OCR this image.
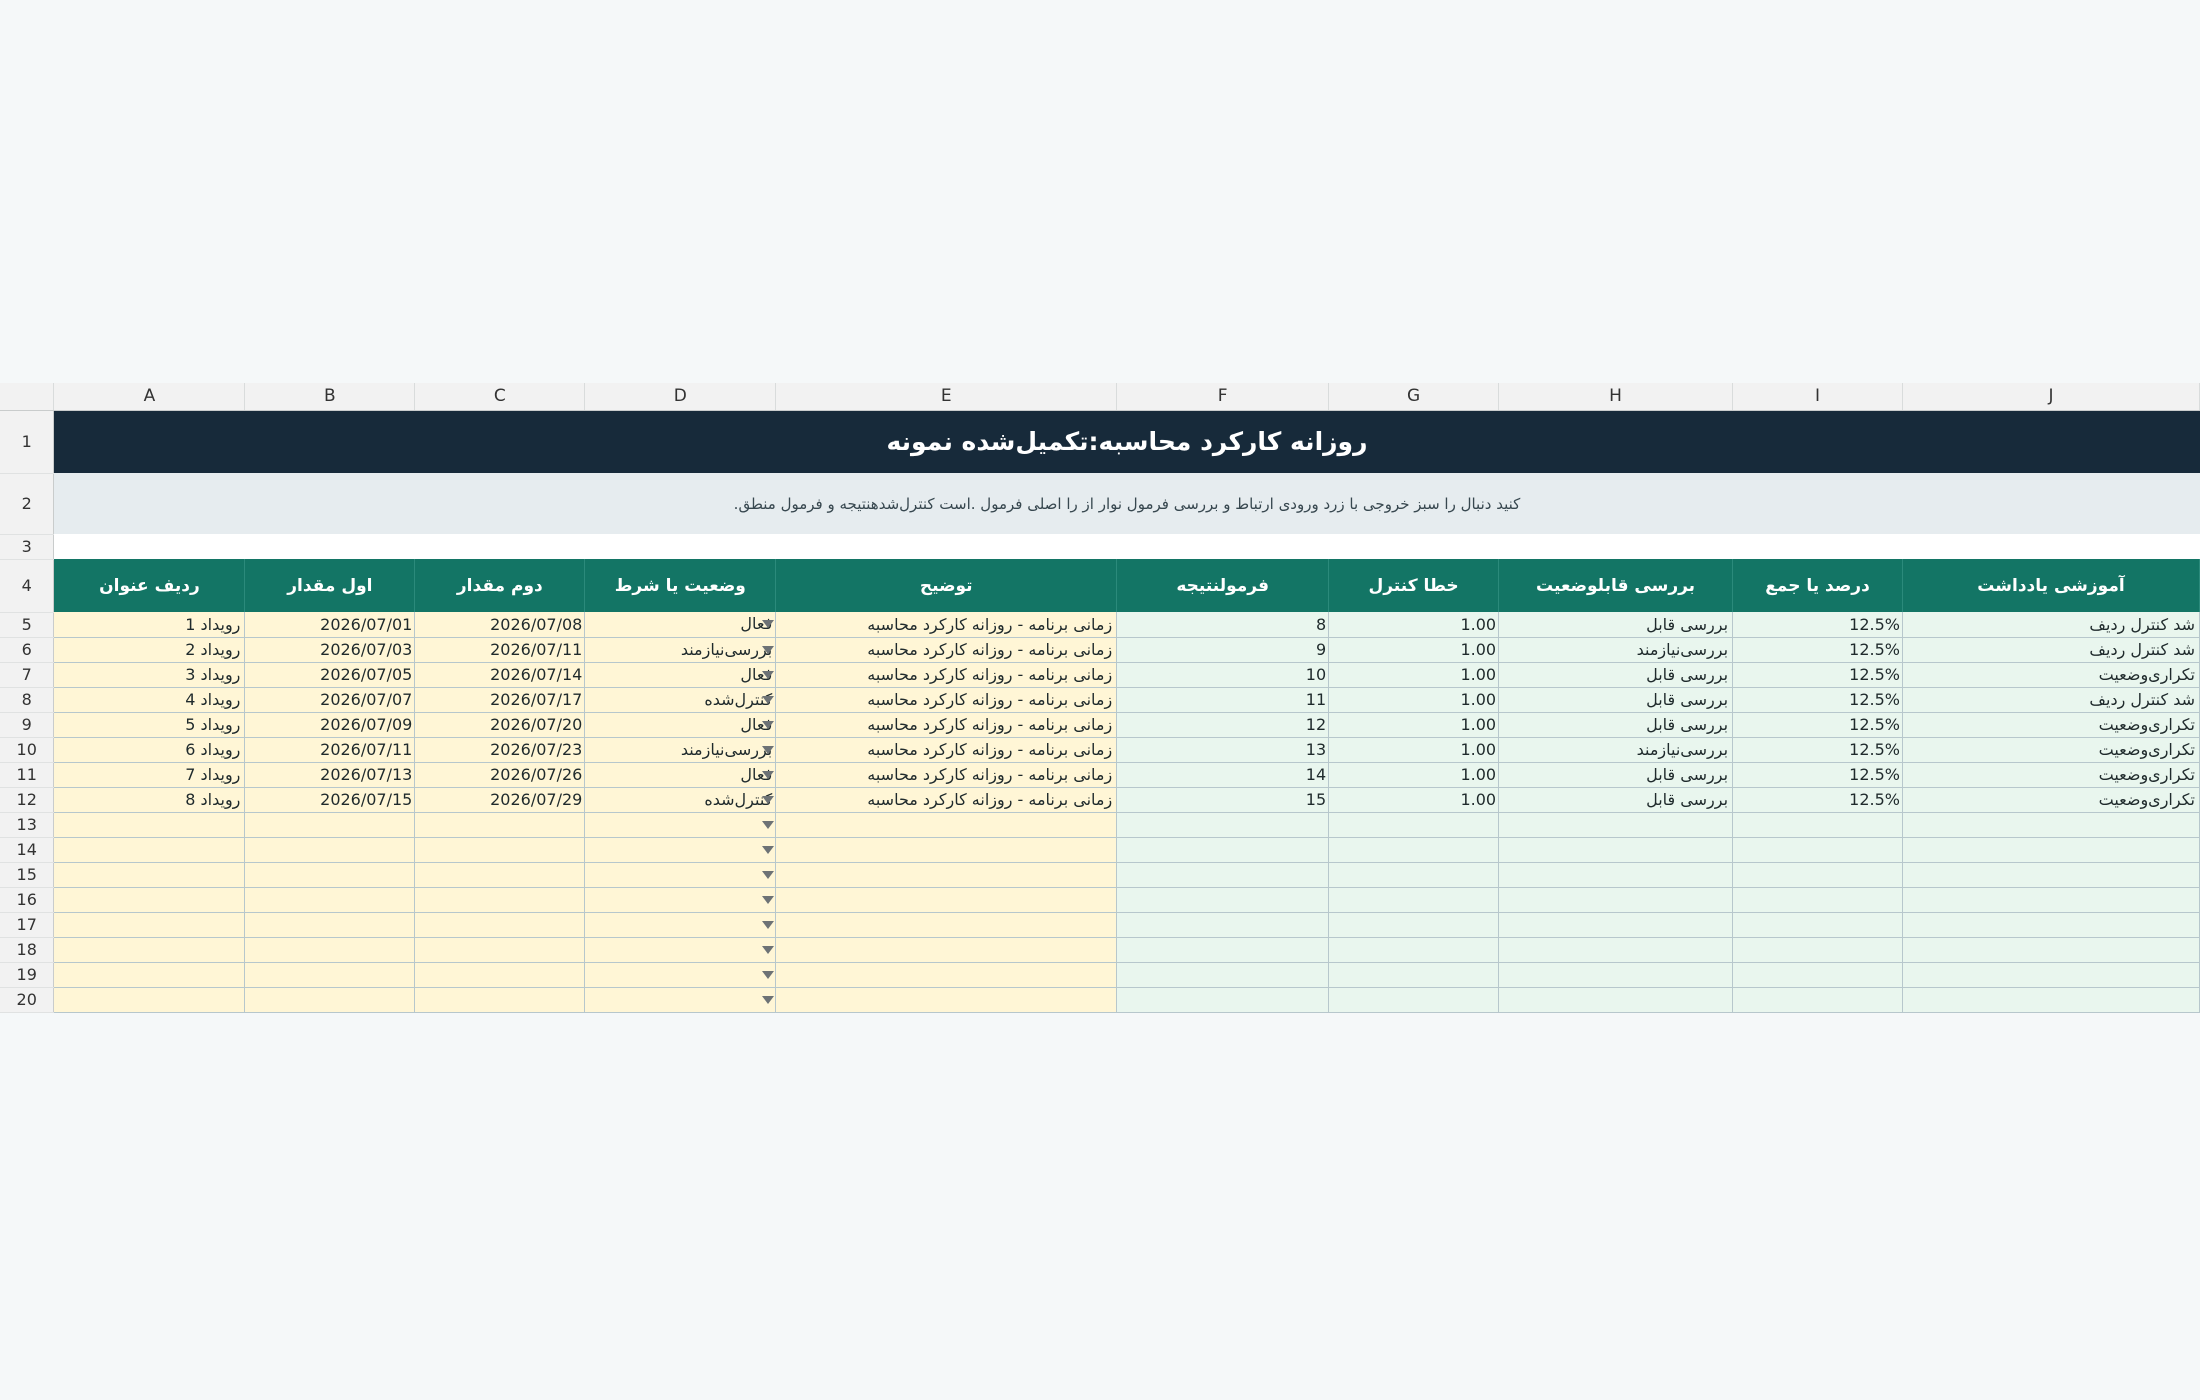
	A	B	C	D	E	F	G	H	I	J
1	روزانه کارکرد محاسبه:تکمیل‌شده نمونه									
2	.کنید دنبال را سبز خروجی با زرد ورودی ارتباط و بررسی فرمول نوار از را اصلی فرمول .است کنترل‌شدهنتیجه و فرمول منطق									
3										
4	ردیف عنوان	اول مقدار	دوم مقدار	وضعیت یا شرط	توضیح	فرمولنتیجه	خطا کنترل	بررسی قابلوضعیت	درصد یا جمع	آموزشی یادداشت
5	رویداد 1	2026/07/01	2026/07/08	فعال	زمانی برنامه - روزانه کارکرد محاسبه	8	1.00	بررسی قابل	12.5%	شد کنترل ردیف
6	رویداد 2	2026/07/03	2026/07/11	بررسی‌نیازمند	زمانی برنامه - روزانه کارکرد محاسبه	9	1.00	بررسی‌نیازمند	12.5%	شد کنترل ردیف
7	رویداد 3	2026/07/05	2026/07/14	فعال	زمانی برنامه - روزانه کارکرد محاسبه	10	1.00	بررسی قابل	12.5%	تکراری‌وضعیت
8	رویداد 4	2026/07/07	2026/07/17	کنترل‌شده	زمانی برنامه - روزانه کارکرد محاسبه	11	1.00	بررسی قابل	12.5%	شد کنترل ردیف
9	رویداد 5	2026/07/09	2026/07/20	فعال	زمانی برنامه - روزانه کارکرد محاسبه	12	1.00	بررسی قابل	12.5%	تکراری‌وضعیت
10	رویداد 6	2026/07/11	2026/07/23	بررسی‌نیازمند	زمانی برنامه - روزانه کارکرد محاسبه	13	1.00	بررسی‌نیازمند	12.5%	تکراری‌وضعیت
11	رویداد 7	2026/07/13	2026/07/26	فعال	زمانی برنامه - روزانه کارکرد محاسبه	14	1.00	بررسی قابل	12.5%	تکراری‌وضعیت
12	رویداد 8	2026/07/15	2026/07/29	کنترل‌شده	زمانی برنامه - روزانه کارکرد محاسبه	15	1.00	بررسی قابل	12.5%	تکراری‌وضعیت
13				

14				

15				

16				

17				

18				

19				

20				
